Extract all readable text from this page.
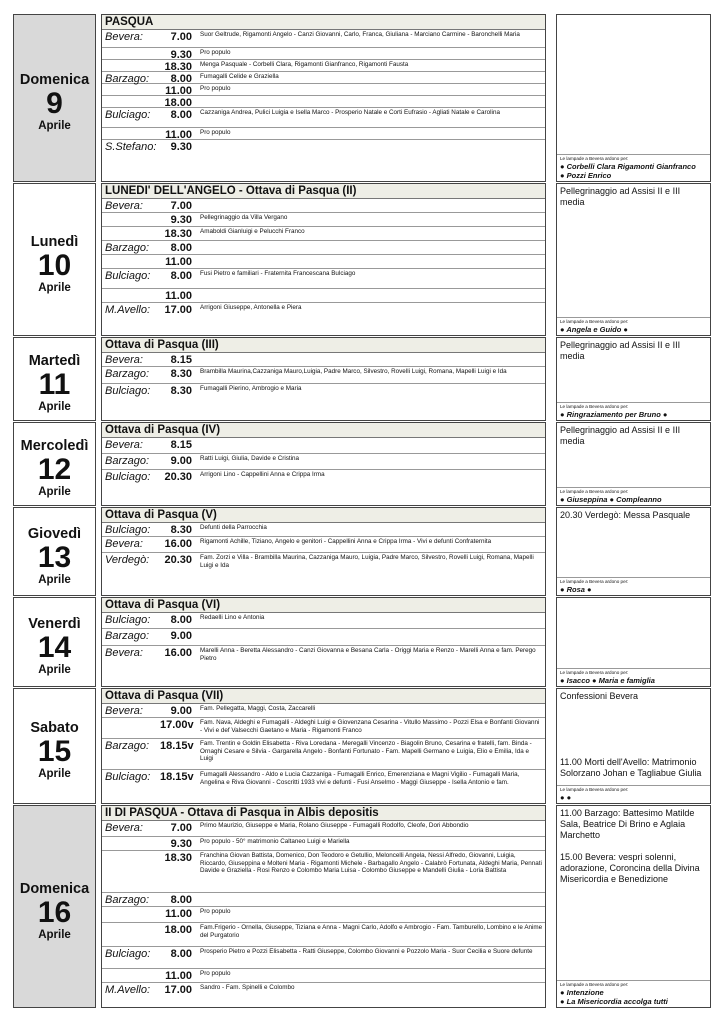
Domenica
9
Aprile
PASQUA
Bevera:	7.00 Suor Geltrude, Rigamonti Angelo - Canzi Giovanni, Carlo, Franca, Giuliana - Marciano Carmine - Baronchelli Maria
9.30 Pro populo
18.30 Menga Pasquale - Corbelli Clara, Rigamonti Gianfranco, Rigamonti Fausta
Barzago:	8.00 Fumagalli Celide e Graziella
11.00 Pro populo
18.00
Bulciago:	8.00 Cazzaniga Andrea, Pulici Luigia e Isella Marco - Prosperio Natale e Corti Eufrasio - Agliati Natale e Carolina
11.00 Pro populo
S.Stefano:	9.30
Le lampade a Bevera ardono per:
● Corbelli Clara Rigamonti Gianfranco
● Pozzi Enrico
Lunedì
10
Aprile
LUNEDI' DELL'ANGELO - Ottava di Pasqua (II)
Bevera:	7.00
9.30 Pellegrinaggio da Villa Vergano
18.30 Amaboldi Gianluigi e Pelucchi Franco
Barzago:	8.00
11.00
Bulciago:	8.00 Fusi Pietro e familiari - Fraternita Francescana Bulciago
11.00
M.Avello:	17.00 Arrigoni Giuseppe, Antonella e Piera
Pellegrinaggio ad Assisi II e III media
Le lampade a Bevera ardono per:
● Angela e Guido ●
Martedì
11
Aprile
Ottava di Pasqua (III)
Bevera:	8.15
Barzago:	8.30 Brambilla Maurina,Cazzaniga Mauro,Luigia, Padre Marco, Silvestro, Rovelli Luigi, Romana, Mapelli Luigi e Ida
Bulciago:	8.30 Fumagalli Pierino, Ambrogio e Maria
Pellegrinaggio ad Assisi II e III media
Le lampade a Bevera ardono per:
● Ringraziamento per Bruno ●
Mercoledì
12
Aprile
Ottava di Pasqua (IV)
Bevera:	8.15
Barzago:	9.00 Ratti Luigi, Giulia, Davide e Cristina
Bulciago:	20.30 Arrigoni Lino - Cappellini Anna e Crippa Irma
Pellegrinaggio ad Assisi II e III media
Le lampade a Bevera ardono per:
● Giuseppina ● Compleanno
Giovedì
13
Aprile
Ottava di Pasqua (V)
Bulciago:	8.30 Defunti della Parrocchia
Bevera:	16.00 Rigamonti Achille, Tiziano, Angelo e genitori - Cappellini Anna e Crippa Irma - Vivi e defunti Confraternita
Verdegò:	20.30 Fam. Zorzi e Villa - Brambilla Maurina, Cazzaniga Mauro, Luigia, Padre Marco, Silvestro, Rovelli Luigi, Romana, Mapelli Luigi e Ida
20.30 Verdegò: Messa Pasquale
Le lampade a Bevera ardono per:
● Rosa ●
Venerdì
14
Aprile
Ottava di Pasqua (VI)
Bulciago:	8.00 Redaelli Lino e Antonia
Barzago:	9.00
Bevera:	16.00 Marelli Anna - Beretta Alessandro - Canzi Giovanna e Besana Carla - Origgi Maria e Renzo - Marelli Anna e fam. Perego Pietro
Le lampade a Bevera ardono per:
● Isacco ● Maria e famiglia
Sabato
15
Aprile
Ottava di Pasqua (VII)
Bevera:	9.00 Fam. Pellegatta, Maggi, Costa, Zaccarelli
17.00v Fam. Nava, Aldeghi e Fumagalli - Aldeghi Luigi e Giovenzana Cesarina - Vitullo Massimo - Pozzi Elsa e Bonfanti Giovanni - Vivi e def Valsecchi Gaetano e Maria - Rigamonti Franco
Barzago: 18.15v Fam. Trentin e Goldin Elisabetta - Riva Loredana - Meregalli Vincenzo - Biagolin Bruno, Cesarina e fratelli, fam. Binda - Ornaghi Cesare e Silvia - Gargarella Angelo - Bonfanti Fortunato - Fam. Mapelli Germano e Luigia, Elio e Emilia, Ida e Luigi
Bulciago: 18.15v Fumagalli Alessandro - Aldo e Lucia Cazzaniga - Fumagalli Enrico, Emerenziana e Magni Vigilio - Fumagalli Maria, Angelina e Riva Giovanni - Coscritti 1933 vivi e defunti - Fusi Anselmo - Maggi Giuseppe - Isella Antonio e fam.
Confessioni Bevera

11.00 Morti dell'Avello: Matrimonio Solorzano Johan e Tagliabue Giulia
Le lampade a Bevera ardono per:
● ●
Domenica
16
Aprile
II DI PASQUA - Ottava di Pasqua in Albis depositis
Bevera:	7.00 Primo Maurizio, Giuseppe e Maria, Rolano Giuseppe - Fumagalli Rodolfo, Cleofe, Dori Abbondio
9.30 Pro populo - 50° matrimonio Caltaneo Luigi e Mariella
18.30 Franchina Giovan Battista, Domenico, Don Teodoro e Getullio, Meloncelli Angela, Nessi Alfredo, Giovanni, Luigia, Riccardo, Giuseppina e Molteni Maria - Rigamonti Michele - Barbagallo Angelo - Calabrò Fortunata, Aldeghi Maria, Pennati Davide e Graziella - Rosi Renzo e Colombo Maria Luisa - Colombo Giuseppe e Mandelli Giulia - Loria Battista
Barzago:	8.00
11.00 Pro populo
18.00 Fam.Frigerio - Ornella, Giuseppe, Tiziana e Anna - Magni Carlo, Adolfo e Ambrogio - Fam. Tamburello, Lombino e le Anime del Purgatorio
Bulciago:	8.00 Prosperio Pietro e Pozzi Elisabetta - Ratti Giuseppe, Colombo Giovanni e Pozzolo Maria - Suor Cecilia e Suore defunte
11.00 Pro populo
M.Avello:	17.00 Sandro - Fam. Spinelli e Colombo
11.00 Barzago: Battesimo Matilde Sala, Beatrice Di Brino e Aglaia Marchetto

15.00 Bevera: vespri solenni, adorazione, Coroncina della Divina Misericordia e Benedizione
Le lampade a Bevera ardono per:
● Intenzione
● La Misericordia accolga tutti
